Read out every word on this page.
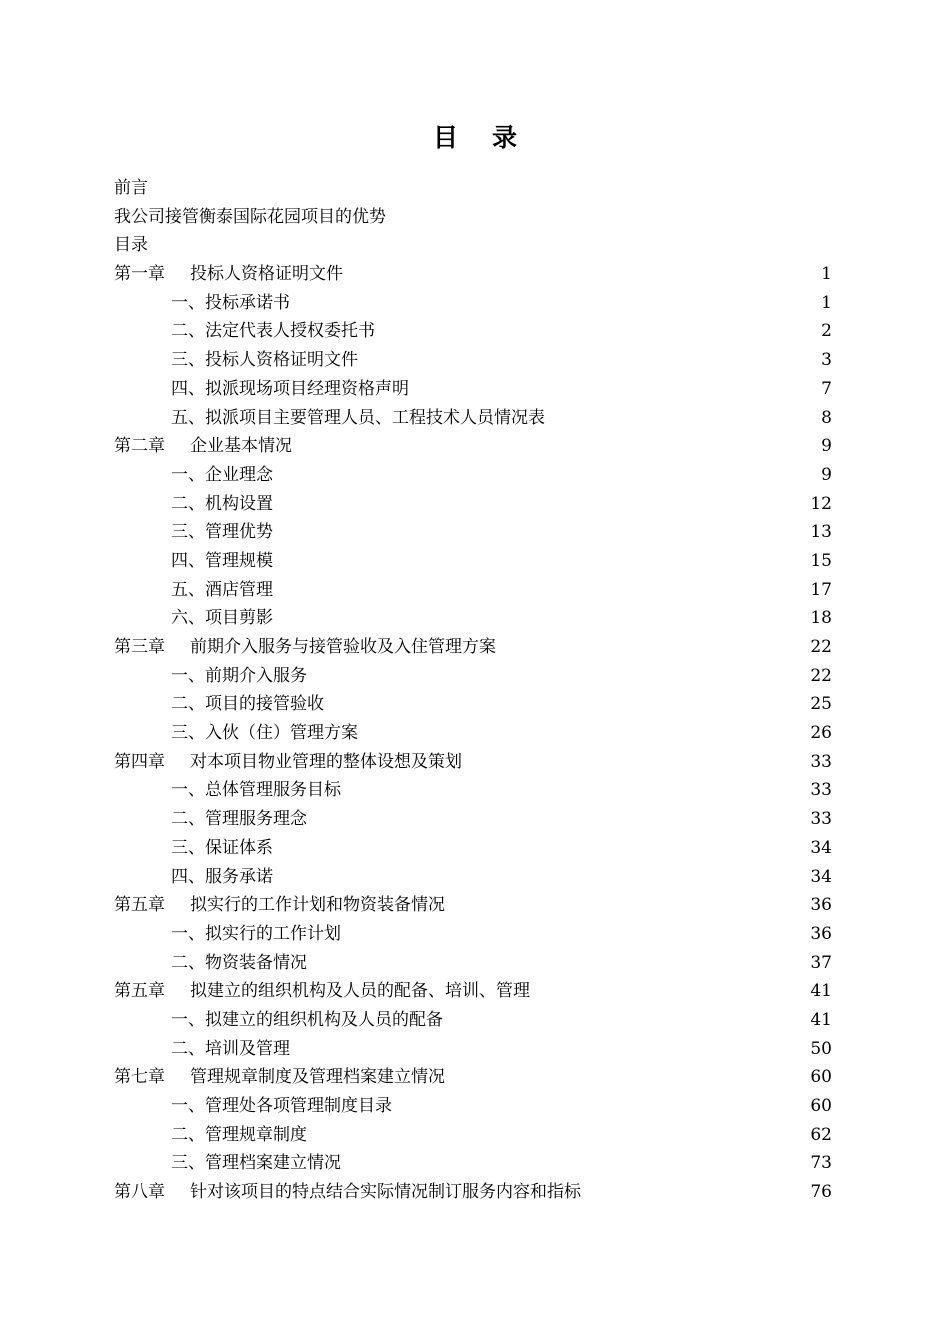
目录
前言
我公司接管衡泰国际花园项目的优势
目录
第一章 投标人资格证明文件	1
一、投标承诺书	1
二、法定代表人授权委托书	2
三、投标人资格证明文件	3
四、拟派现场项目经理资格声明	7
五、拟派项目主要管理人员、工程技术人员情况表	8
第二章 企业基本情况	9
一、企业理念	9
二、机构设置	12
三、管理优势	13
四、管理规模	15
五、酒店管理	17
六、项目剪影	18
第三章 前期介入服务与接管验收及入住管理方案	22
一、前期介入服务	22
二、项目的接管验收	25
三、入伙（住）管理方案	26
第四章 对本项目物业管理的整体设想及策划	33
一、总体管理服务目标	33
二、管理服务理念	33
三、保证体系	34
四、服务承诺	34
第五章 拟实行的工作计划和物资装备情况	36
一、拟实行的工作计划	36
二、物资装备情况	37
第五章 拟建立的组织机构及人员的配备、培训、管理	41
一、拟建立的组织机构及人员的配备	41
二、培训及管理	50
第七章 管理规章制度及管理档案建立情况	60
一、管理处各项管理制度目录	60
二、管理规章制度	62
三、管理档案建立情况	73
第八章 针对该项目的特点结合实际情况制订服务内容和指标	76
